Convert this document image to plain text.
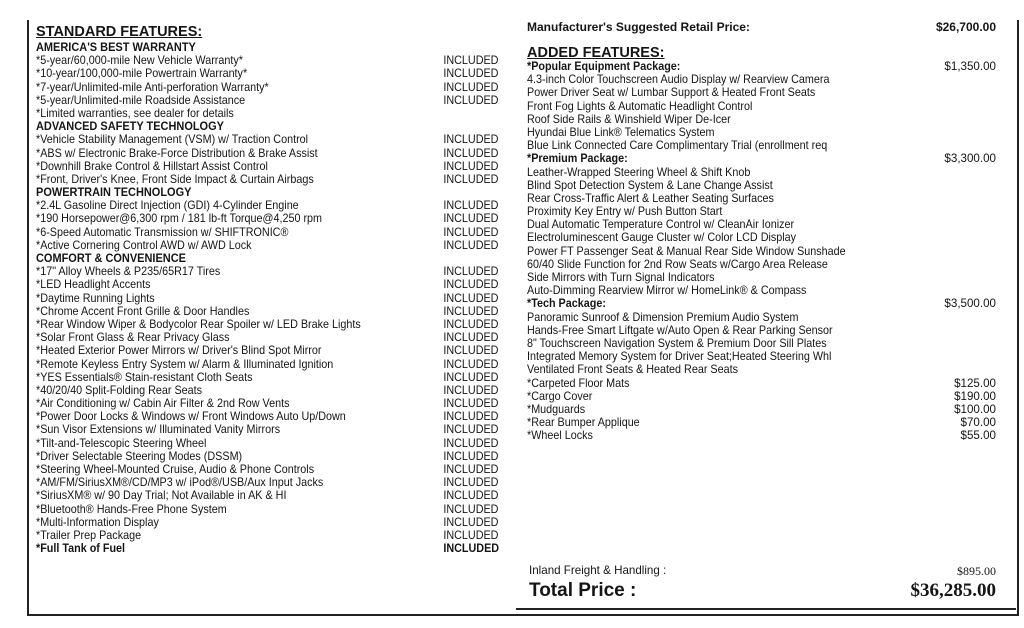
STANDARD FEATURES:
AMERICA'S BEST WARRANTY
*5-year/60,000-mile New Vehicle Warranty*	INCLUDED
*10-year/100,000-mile Powertrain Warranty*	INCLUDED
*7-year/Unlimited-mile Anti-perforation Warranty*	INCLUDED
*5-year/Unlimited-mile Roadside Assistance	INCLUDED
*Limited warranties, see dealer for details
ADVANCED SAFETY TECHNOLOGY
*Vehicle Stability Management (VSM) w/ Traction Control	INCLUDED
*ABS w/ Electronic Brake-Force Distribution & Brake Assist	INCLUDED
*Downhill Brake Control & Hillstart Assist Control	INCLUDED
*Front, Driver's Knee, Front Side Impact & Curtain Airbags	INCLUDED
POWERTRAIN TECHNOLOGY
*2.4L Gasoline Direct Injection (GDI) 4-Cylinder Engine	INCLUDED
*190 Horsepower@6,300 rpm / 181 lb-ft Torque@4,250 rpm	INCLUDED
*6-Speed Automatic Transmission w/ SHIFTRONIC®	INCLUDED
*Active Cornering Control AWD w/ AWD Lock	INCLUDED
COMFORT & CONVENIENCE
*17" Alloy Wheels & P235/65R17 Tires	INCLUDED
*LED Headlight Accents	INCLUDED
*Daytime Running Lights	INCLUDED
*Chrome Accent Front Grille & Door Handles	INCLUDED
*Rear Window Wiper & Bodycolor Rear Spoiler w/ LED Brake Lights	INCLUDED
*Solar Front Glass & Rear Privacy Glass	INCLUDED
*Heated Exterior Power Mirrors w/ Driver's Blind Spot Mirror	INCLUDED
*Remote Keyless Entry System w/ Alarm & Illuminated Ignition	INCLUDED
*YES Essentials® Stain-resistant Cloth Seats	INCLUDED
*40/20/40 Split-Folding Rear Seats	INCLUDED
*Air Conditioning w/ Cabin Air Filter & 2nd Row Vents	INCLUDED
*Power Door Locks & Windows w/ Front Windows Auto Up/Down	INCLUDED
*Sun Visor Extensions w/ Illuminated Vanity Mirrors	INCLUDED
*Tilt-and-Telescopic Steering Wheel	INCLUDED
*Driver Selectable Steering Modes (DSSM)	INCLUDED
*Steering Wheel-Mounted Cruise, Audio & Phone Controls	INCLUDED
*AM/FM/SiriusXM®/CD/MP3 w/ iPod®/USB/Aux Input Jacks	INCLUDED
*SiriusXM® w/ 90 Day Trial; Not Available in AK & HI	INCLUDED
*Bluetooth® Hands-Free Phone System	INCLUDED
*Multi-Information Display	INCLUDED
*Trailer Prep Package	INCLUDED
*Full Tank of Fuel	INCLUDED
Manufacturer's Suggested Retail Price:	$26,700.00
ADDED FEATURES:
*Popular Equipment Package:	$1,350.00
4.3-inch Color Touchscreen Audio Display w/ Rearview Camera
Power Driver Seat w/ Lumbar Support & Heated Front Seats
Front Fog Lights & Automatic Headlight Control
Roof Side Rails & Winshield Wiper De-Icer
Hyundai Blue Link® Telematics System
Blue Link Connected Care Complimentary Trial (enrollment req
*Premium Package:	$3,300.00
Leather-Wrapped Steering Wheel & Shift Knob
Blind Spot Detection System & Lane Change Assist
Rear Cross-Traffic Alert & Leather Seating Surfaces
Proximity Key Entry w/ Push Button Start
Dual Automatic Temperature Control w/ CleanAir Ionizer
Electroluminescent Gauge Cluster w/ Color LCD Display
Power FT Passenger Seat & Manual Rear Side Window Sunshade
60/40 Slide Function for 2nd Row Seats w/Cargo Area Release
Side Mirrors with Turn Signal Indicators
Auto-Dimming Rearview Mirror w/ HomeLink® & Compass
*Tech Package:	$3,500.00
Panoramic Sunroof & Dimension Premium Audio System
Hands-Free Smart Liftgate w/Auto Open & Rear Parking Sensor
8" Touchscreen Navigation System & Premium Door Sill Plates
Integrated Memory System for Driver Seat;Heated Steering Whl
Ventilated Front Seats & Heated Rear Seats
*Carpeted Floor Mats	$125.00
*Cargo Cover	$190.00
*Mudguards	$100.00
*Rear Bumper Applique	$70.00
*Wheel Locks	$55.00
Inland Freight & Handling :	$895.00
Total Price :	$36,285.00
